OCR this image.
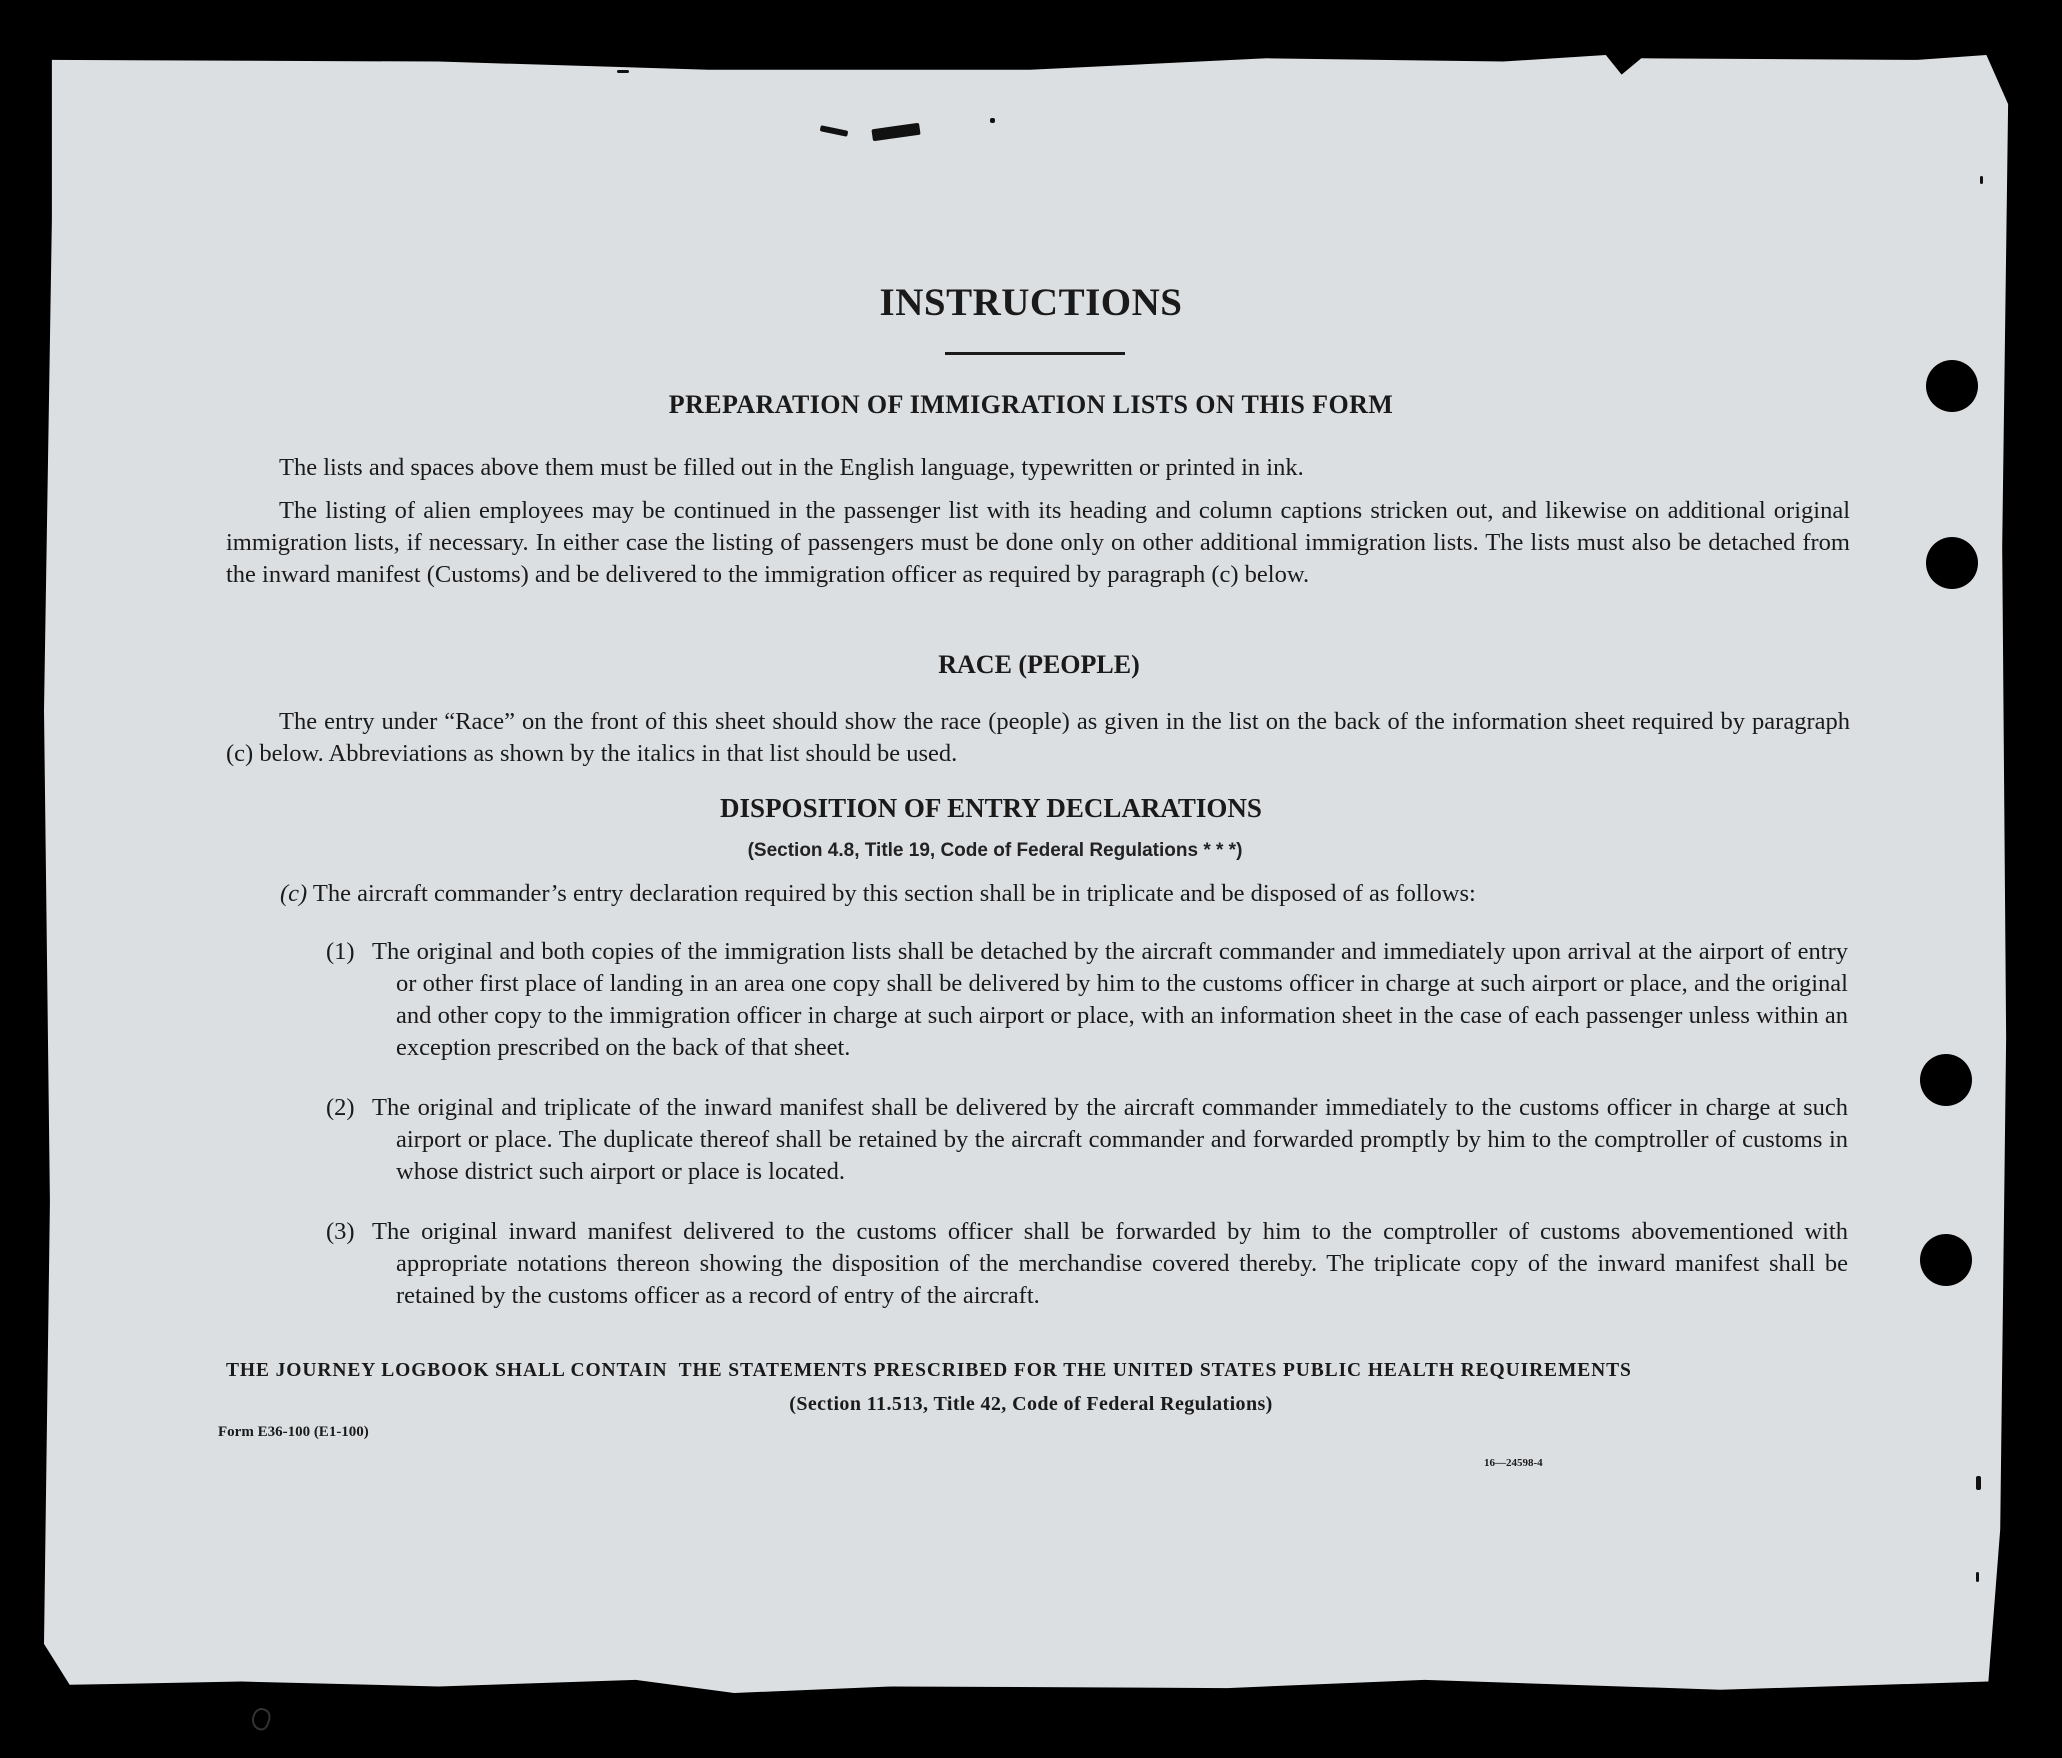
INSTRUCTIONS
PREPARATION OF IMMIGRATION LISTS ON THIS FORM

The lists and spaces above them must be filled out in the English language, typewritten or printed in ink.

The listing of alien employees may be continued in the passenger list with its heading and column captions stricken out, and likewise on additional original immigration lists, if necessary. In either case the listing of passengers must be done only on other additional immigration lists. The lists must also be detached from the inward manifest (Customs) and be delivered to the immigration officer as required by paragraph (c) below.

RACE (PEOPLE)

The entry under “Race” on the front of this sheet should show the race (people) as given in the list on the back of the information sheet required by paragraph (c) below. Abbreviations as shown by the italics in that list should be used.

DISPOSITION OF ENTRY DECLARATIONS

(Section 4.8, Title 19, Code of Federal Regulations * * *)

(c) The aircraft commander’s entry declaration required by this section shall be in triplicate and be disposed of as follows:
(1) The original and both copies of the immigration lists shall be detached by the aircraft commander and immediately upon arrival at the airport of entry or other first place of landing in an area one copy shall be delivered by him to the customs officer in charge at such airport or place, and the original and other copy to the immigration officer in charge at such airport or place, with an information sheet in the case of each passenger unless within an exception prescribed on the back of that sheet.
(2) The original and triplicate of the inward manifest shall be delivered by the aircraft commander immediately to the customs officer in charge at such airport or place. The duplicate thereof shall be retained by the aircraft commander and forwarded promptly by him to the comptroller of customs in whose district such airport or place is located.
(3) The original inward manifest delivered to the customs officer shall be forwarded by him to the comptroller of customs abovementioned with appropriate notations thereon showing the disposition of the merchandise covered thereby. The triplicate copy of the inward manifest shall be retained by the customs officer as a record of entry of the aircraft.

THE JOURNEY LOGBOOK SHALL CONTAIN  THE STATEMENTS PRESCRIBED FOR THE UNITED STATES PUBLIC HEALTH REQUIREMENTS

(Section 11.513, Title 42, Code of Federal Regulations)

Form E36-100 (E1-100)

16—24598-4
